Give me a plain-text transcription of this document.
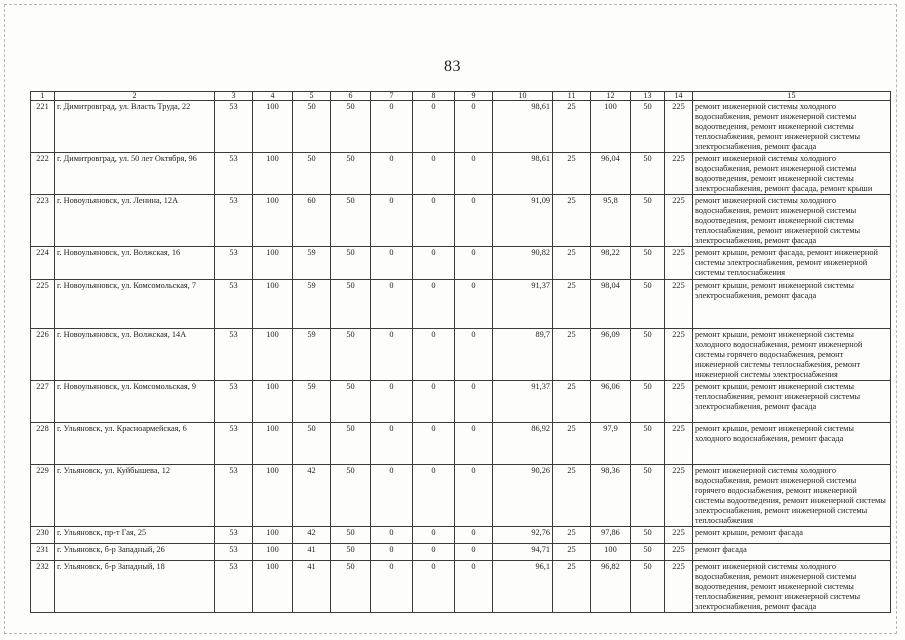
83
1	2	3	4	5	6	7	8	9	10	11	12	13	14	15
221	г. Димитровград, ул. Власть Труда, 22	53	100	50	50	0	0	0	98,61	25	100	50	225	ремонт инженерной системы холодного водоснабжения, ремонт инженерной системы водоотведения, ремонт инженерной системы теплоснабжения, ремонт инженерной системы электроснабжения, ремонт фасада
222	г. Димитровград, ул. 50 лет Октября, 96	53	100	50	50	0	0	0	98,61	25	96,04	50	225	ремонт инженерной системы холодного водоснабжения, ремонт инженерной системы водоотведения, ремонт инженерной системы электроснабжения, ремонт фасада, ремонт крыши
223	г. Новоульяновск, ул. Ленина, 12А	53	100	60	50	0	0	0	91,09	25	95,8	50	225	ремонт инженерной системы холодного водоснабжения, ремонт инженерной системы водоотведения, ремонт инженерной системы теплоснабжения, ремонт инженерной системы электроснабжения, ремонт фасада
224	г. Новоульяновск, ул. Волжская, 16	53	100	59	50	0	0	0	90,82	25	98,22	50	225	ремонт крыши, ремонт фасада, ремонт инженерной системы электроснабжения, ремонт инженерной системы теплоснабжения
225	г. Новоульяновск, ул. Комсомольская, 7	53	100	59	50	0	0	0	91,37	25	98,04	50	225	ремонт крыши, ремонт инженерной системы электроснабжения, ремонт фасада
226	г. Новоульяновск, ул. Волжская, 14А	53	100	59	50	0	0	0	89,7	25	96,09	50	225	ремонт крыши, ремонт инженерной системы холодного водоснабжения, ремонт инженерной системы горячего водоснабжения, ремонт инженерной системы теплоснабжения, ремонт инженерной системы электроснабжения
227	г. Новоульяновск, ул. Комсомольская, 9	53	100	59	50	0	0	0	91,37	25	96,06	50	225	ремонт крыши, ремонт инженерной системы теплоснабжения, ремонт инженерной системы электроснабжения, ремонт фасада
228	г. Ульяновск, ул. Красноармейская, 6	53	100	50	50	0	0	0	86,92	25	97,9	50	225	ремонт крыши, ремонт инженерной системы холодного водоснабжения, ремонт фасада
229	г. Ульяновск, ул. Куйбышева, 12	53	100	42	50	0	0	0	90,26	25	98,36	50	225	ремонт инженерной системы холодного водоснабжения, ремонт инженерной системы горячего водоснабжения, ремонт инженерной системы водоотведения, ремонт инженерной системы электроснабжения, ремонт инженерной системы теплоснабжения
230	г. Ульяновск, пр-т Гая, 25	53	100	42	50	0	0	0	92,76	25	97,86	50	225	ремонт крыши, ремонт фасада
231	г. Ульяновск, б-р Западный, 26	53	100	41	50	0	0	0	94,71	25	100	50	225	ремонт фасада
232	г. Ульяновск, б-р Западный, 18	53	100	41	50	0	0	0	96,1	25	96,82	50	225	ремонт инженерной системы холодного водоснабжения, ремонт инженерной системы водоотведения, ремонт инженерной системы теплоснабжения, ремонт инженерной системы электроснабжения, ремонт фасада
